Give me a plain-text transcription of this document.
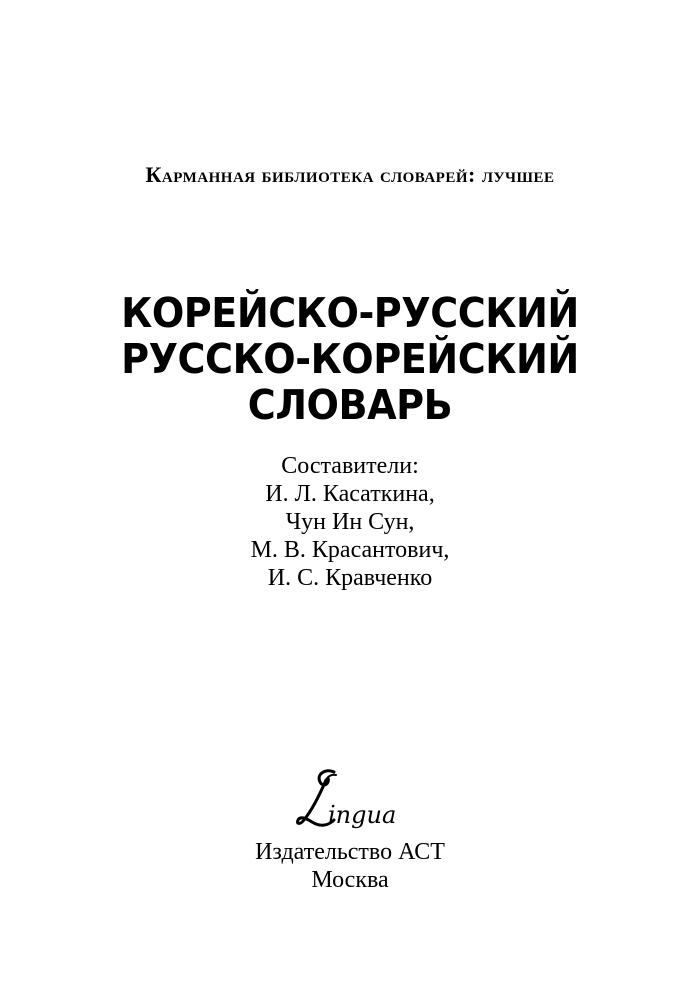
Карманная библиотека словарей: лучшее
КОРЕЙСКО-РУССКИЙ
РУССКО-КОРЕЙСКИЙ
СЛОВАРЬ
Составители:
И. Л. Касаткина,
Чун Ин Сун,
М. В. Красантович,
И. С. Кравченко
ingua
Издательство АСТ
Москва
